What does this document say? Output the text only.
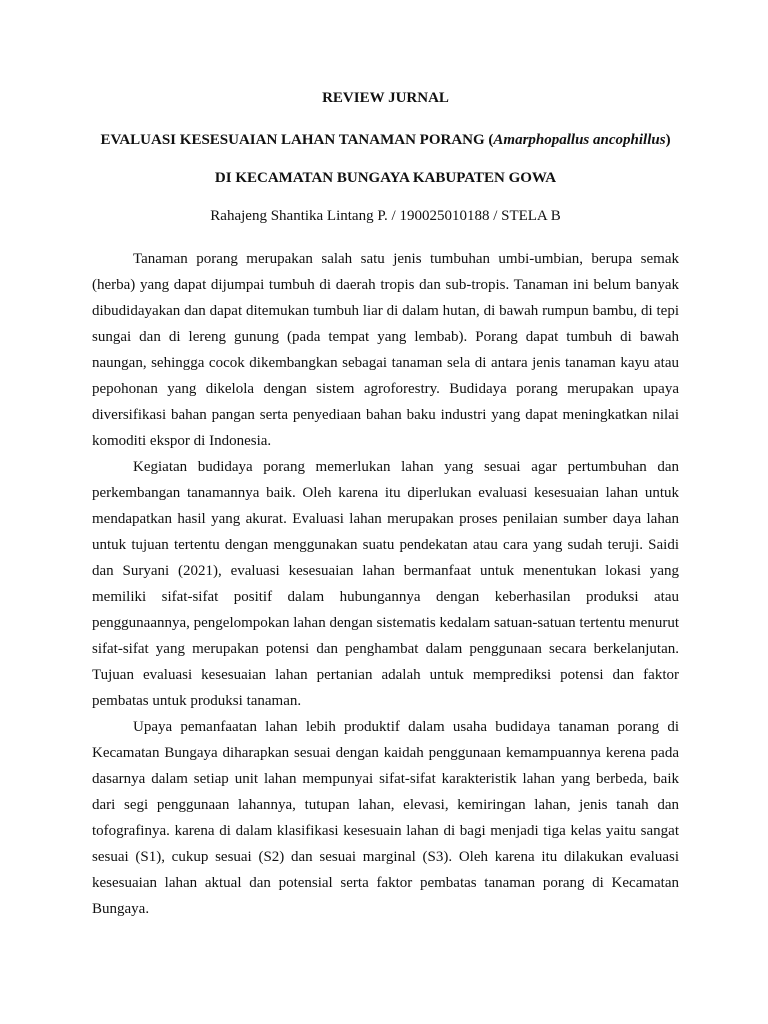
REVIEW JURNAL

EVALUASI KESESUAIAN LAHAN TANAMAN PORANG (Amarphopallus ancophillus)

DI KECAMATAN BUNGAYA KABUPATEN GOWA

Rahajeng Shantika Lintang P. / 190025010188 / STELA B

Tanaman porang merupakan salah satu jenis tumbuhan umbi-umbian, berupa semak (herba) yang dapat dijumpai tumbuh di daerah tropis dan sub-tropis. Tanaman ini belum banyak dibudidayakan dan dapat ditemukan tumbuh liar di dalam hutan, di bawah rumpun bambu, di tepi sungai dan di lereng gunung (pada tempat yang lembab). Porang dapat tumbuh di bawah naungan, sehingga cocok dikembangkan sebagai tanaman sela di antara jenis tanaman kayu atau pepohonan yang dikelola dengan sistem agroforestry. Budidaya porang merupakan upaya diversifikasi bahan pangan serta penyediaan bahan baku industri yang dapat meningkatkan nilai komoditi ekspor di Indonesia.

Kegiatan budidaya porang memerlukan lahan yang sesuai agar pertumbuhan dan perkembangan tanamannya baik. Oleh karena itu diperlukan evaluasi kesesuaian lahan untuk mendapatkan hasil yang akurat. Evaluasi lahan merupakan proses penilaian sumber daya lahan untuk tujuan tertentu dengan menggunakan suatu pendekatan atau cara yang sudah teruji. Saidi dan Suryani (2021), evaluasi kesesuaian lahan bermanfaat untuk menentukan lokasi yang memiliki sifat-sifat positif dalam hubungannya dengan keberhasilan produksi atau penggunaannya, pengelompokan lahan dengan sistematis kedalam satuan-satuan tertentu menurut sifat-sifat yang merupakan potensi dan penghambat dalam penggunaan secara berkelanjutan. Tujuan evaluasi kesesuaian lahan pertanian adalah untuk memprediksi potensi dan faktor pembatas untuk produksi tanaman.

Upaya pemanfaatan lahan lebih produktif dalam usaha budidaya tanaman porang di Kecamatan Bungaya diharapkan sesuai dengan kaidah penggunaan kemampuannya kerena pada dasarnya dalam setiap unit lahan mempunyai sifat-sifat karakteristik lahan yang berbeda, baik dari segi penggunaan lahannya, tutupan lahan, elevasi, kemiringan lahan, jenis tanah dan tofografinya. karena di dalam klasifikasi kesesuain lahan di bagi menjadi tiga kelas yaitu sangat sesuai (S1), cukup sesuai (S2) dan sesuai marginal (S3). Oleh karena itu dilakukan evaluasi kesesuaian lahan aktual dan potensial serta faktor pembatas tanaman porang di Kecamatan Bungaya.
